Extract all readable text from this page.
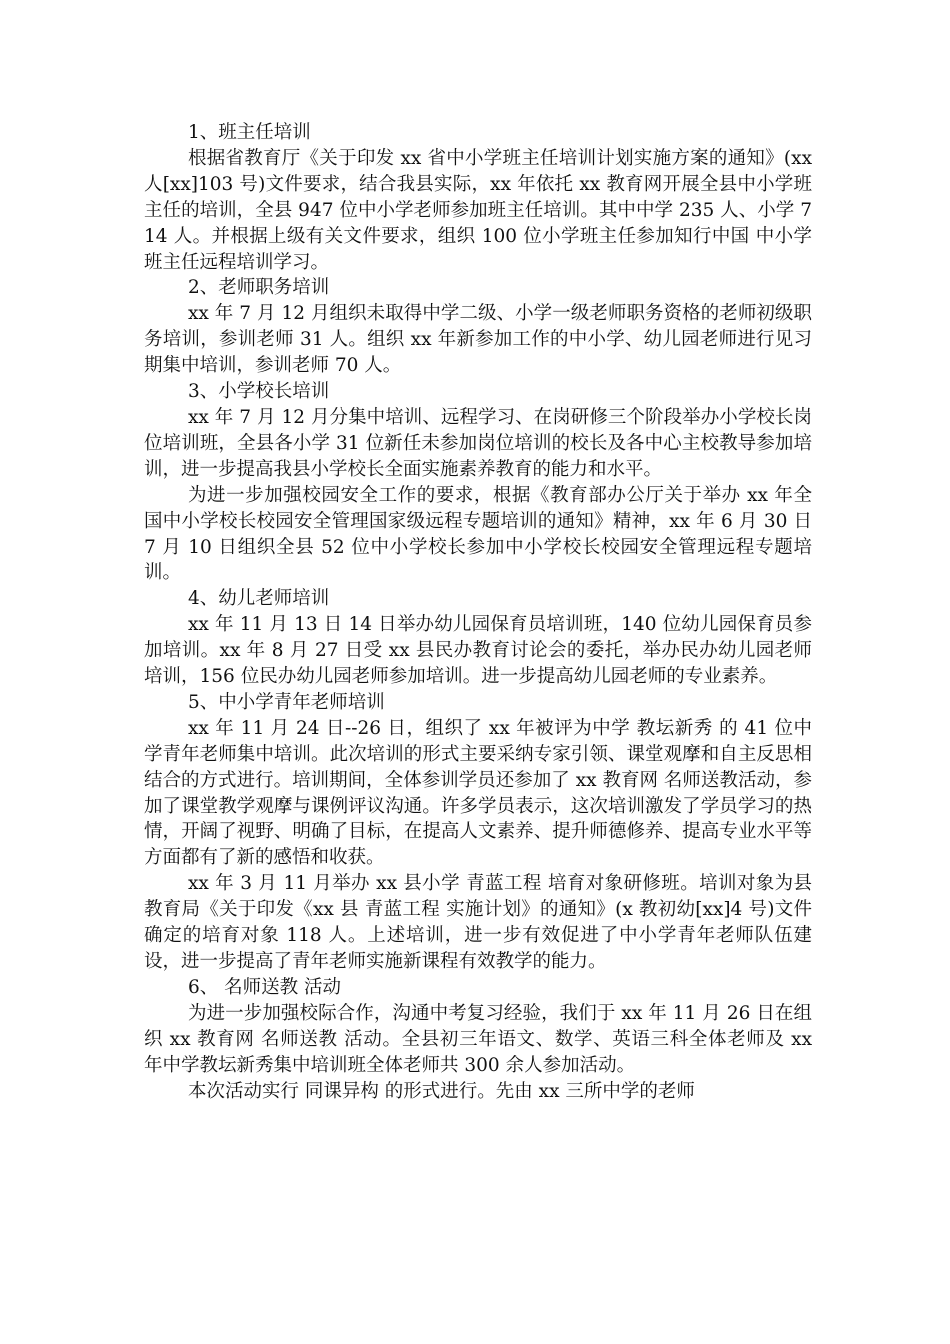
1、班主任培训

根据省教育厅《关于印发 xx 省中小学班主任培训计划实施方案的通知》(xx 人[xx]103 号)文件要求，结合我县实际，xx 年依托 xx 教育网开展全县中小学班主任的培训，全县 947 位中小学老师参加班主任培训。其中中学 235 人、小学 714 人。并根据上级有关文件要求，组织 100 位小学班主任参加知行中国 中小学班主任远程培训学习。

2、老师职务培训

xx 年 7 月 12 月组织未取得中学二级、小学一级老师职务资格的老师初级职务培训，参训老师 31 人。组织 xx 年新参加工作的中小学、幼儿园老师进行见习期集中培训，参训老师 70 人。

3、小学校长培训

xx 年 7 月 12 月分集中培训、远程学习、在岗研修三个阶段举办小学校长岗位培训班，全县各小学 31 位新任未参加岗位培训的校长及各中心主校教导参加培训，进一步提高我县小学校长全面实施素养教育的能力和水平。

为进一步加强校园安全工作的要求，根据《教育部办公厅关于举办 xx 年全国中小学校长校园安全管理国家级远程专题培训的通知》精神，xx 年 6 月 30 日 7 月 10 日组织全县 52 位中小学校长参加中小学校长校园安全管理远程专题培训。

4、幼儿老师培训

xx 年 11 月 13 日 14 日举办幼儿园保育员培训班，140 位幼儿园保育员参加培训。xx 年 8 月 27 日受 xx 县民办教育讨论会的委托，举办民办幼儿园老师培训，156 位民办幼儿园老师参加培训。进一步提高幼儿园老师的专业素养。

5、中小学青年老师培训

xx 年 11 月 24 日--26 日，组织了 xx 年被评为中学 教坛新秀 的 41 位中学青年老师集中培训。此次培训的形式主要采纳专家引领、课堂观摩和自主反思相结合的方式进行。培训期间，全体参训学员还参加了 xx 教育网 名师送教活动，参加了课堂教学观摩与课例评议沟通。许多学员表示，这次培训激发了学员学习的热情，开阔了视野、明确了目标，在提高人文素养、提升师德修养、提高专业水平等方面都有了新的感悟和收获。

xx 年 3 月 11 月举办 xx 县小学 青蓝工程 培育对象研修班。培训对象为县教育局《关于印发《xx 县 青蓝工程 实施计划》的通知》(x 教初幼[xx]4 号)文件确定的培育对象 118 人。上述培训，进一步有效促进了中小学青年老师队伍建设，进一步提高了青年老师实施新课程有效教学的能力。

6、 名师送教 活动

为进一步加强校际合作，沟通中考复习经验，我们于 xx 年 11 月 26 日在组织 xx 教育网 名师送教 活动。全县初三年语文、数学、英语三科全体老师及 xx 年中学教坛新秀集中培训班全体老师共 300 余人参加活动。

本次活动实行 同课异构 的形式进行。先由 xx 三所中学的老师
